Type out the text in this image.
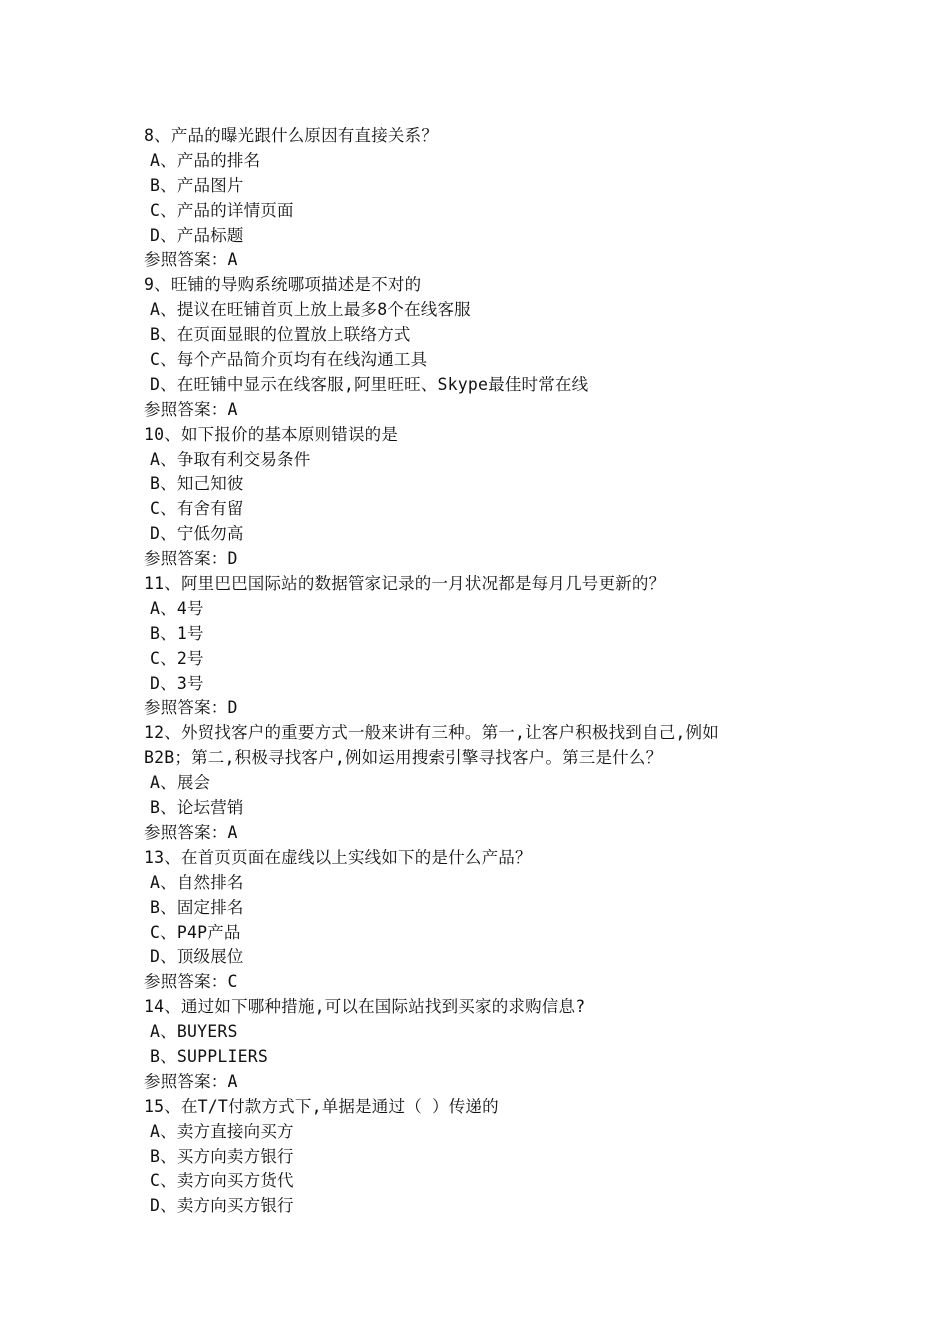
8、产品的曝光跟什么原因有直接关系？
A、产品的排名
B、产品图片
C、产品的详情页面
D、产品标题
参照答案：A
9、旺铺的导购系统哪项描述是不对的
A、提议在旺铺首页上放上最多8个在线客服
B、在页面显眼的位置放上联络方式
C、每个产品简介页均有在线沟通工具
D、在旺铺中显示在线客服,阿里旺旺、Skype最佳时常在线
参照答案：A
10、如下报价的基本原则错误的是
A、争取有利交易条件
B、知己知彼
C、有舍有留
D、宁低勿高
参照答案：D
11、阿里巴巴国际站的数据管家记录的一月状况都是每月几号更新的？
A、4号
B、1号
C、2号
D、3号
参照答案：D
12、外贸找客户的重要方式一般来讲有三种。第一,让客户积极找到自己,例如
B2B；第二,积极寻找客户,例如运用搜索引擎寻找客户。第三是什么？
A、展会
B、论坛营销
参照答案：A
13、在首页页面在虚线以上实线如下的是什么产品？
A、自然排名
B、固定排名
C、P4P产品
D、顶级展位
参照答案：C
14、通过如下哪种措施,可以在国际站找到买家的求购信息?
A、BUYERS
B、SUPPLIERS
参照答案：A
15、在T/T付款方式下,单据是通过（ ）传递的
A、卖方直接向买方
B、买方向卖方银行
C、卖方向买方货代
D、卖方向买方银行
